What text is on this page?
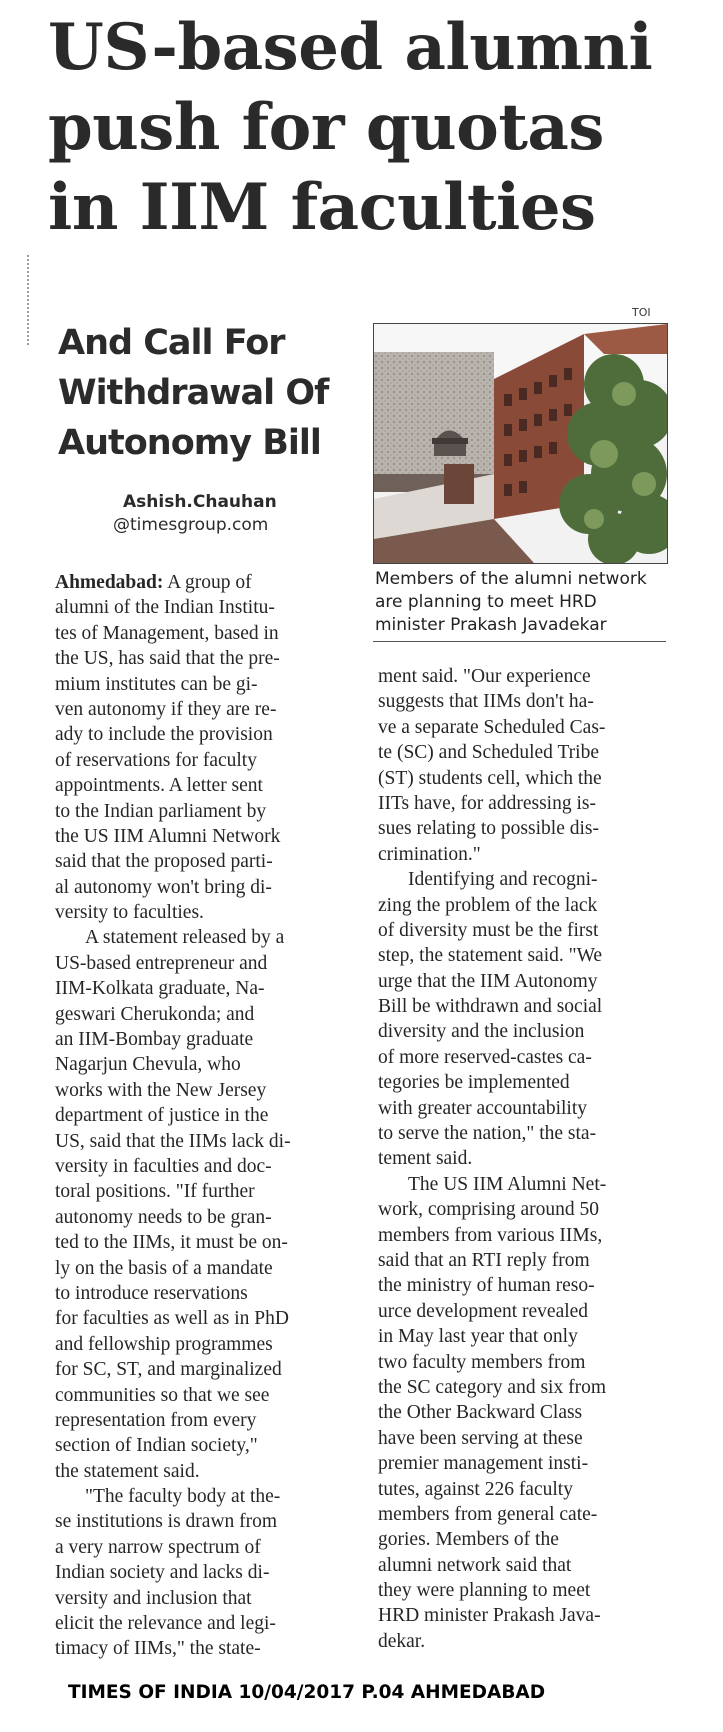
US-based alumni
push for quotas
in IIM faculties
And Call For
Withdrawal Of
Autonomy Bill
Ashish.Chauhan
@timesgroup.com
TOI
Members of the alumni network
are planning to meet HRD
minister Prakash Javadekar
Ahmedabad: A group of
alumni of the Indian Institu-
tes of Management, based in
the US, has said that the pre-
mium institutes can be gi-
ven autonomy if they are re-
ady to include the provision
of reservations for faculty
appointments. A letter sent
to the Indian parliament by
the US IIM Alumni Network
said that the proposed parti-
al autonomy won't bring di-
versity to faculties.
A statement released by a
US-based entrepreneur and
IIM-Kolkata graduate, Na-
geswari Cherukonda; and
an IIM-Bombay graduate
Nagarjun Chevula, who
works with the New Jersey
department of justice in the
US, said that the IIMs lack di-
versity in faculties and doc-
toral positions. "If further
autonomy needs to be gran-
ted to the IIMs, it must be on-
ly on the basis of a mandate
to introduce reservations
for faculties as well as in PhD
and fellowship programmes
for SC, ST, and marginalized
communities so that we see
representation from every
section of Indian society,"
the statement said.
"The faculty body at the-
se institutions is drawn from
a very narrow spectrum of
Indian society and lacks di-
versity and inclusion that
elicit the relevance and legi-
timacy of IIMs," the state-
ment said. "Our experience
suggests that IIMs don't ha-
ve a separate Scheduled Cas-
te (SC) and Scheduled Tribe
(ST) students cell, which the
IITs have, for addressing is-
sues relating to possible dis-
crimination."
Identifying and recogni-
zing the problem of the lack
of diversity must be the first
step, the statement said. "We
urge that the IIM Autonomy
Bill be withdrawn and social
diversity and the inclusion
of more reserved-castes ca-
tegories be implemented
with greater accountability
to serve the nation," the sta-
tement said.
The US IIM Alumni Net-
work, comprising around 50
members from various IIMs,
said that an RTI reply from
the ministry of human reso-
urce development revealed
in May last year that only
two faculty members from
the SC category and six from
the Other Backward Class
have been serving at these
premier management insti-
tutes, against 226 faculty
members from general cate-
gories. Members of the
alumni network said that
they were planning to meet
HRD minister Prakash Java-
dekar.
TIMES OF INDIA 10/04/2017 P.04 AHMEDABAD
